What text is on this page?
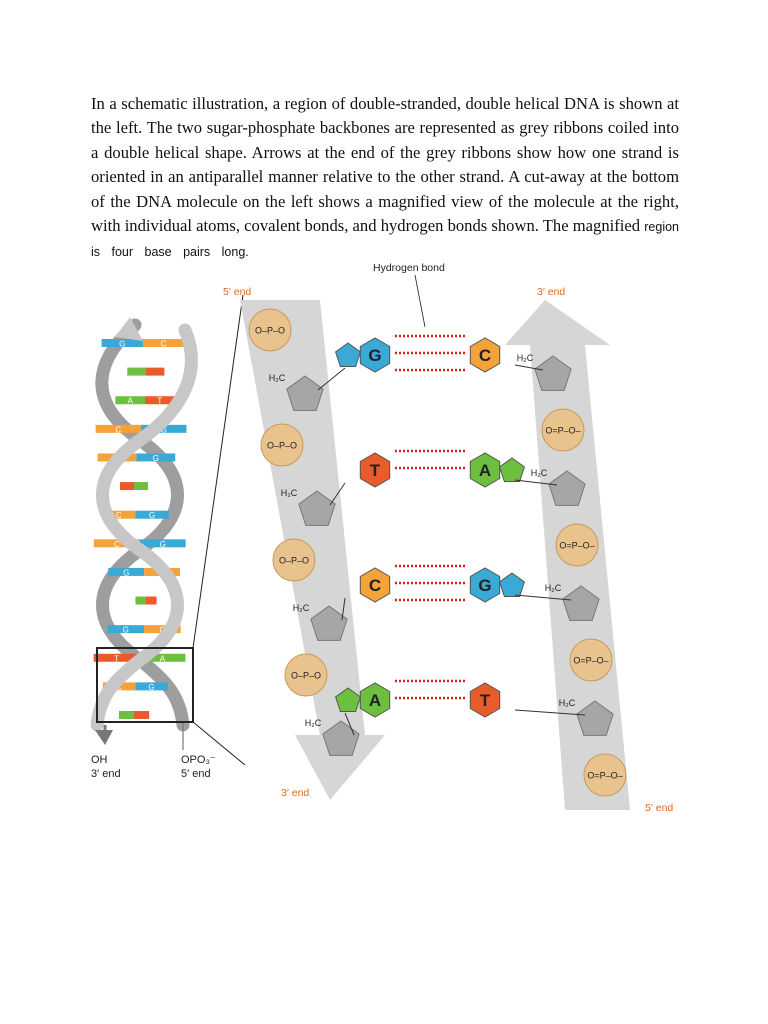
In a schematic illustration, a region of double-stranded, double helical DNA is shown at the left. The two sugar-phosphate backbones are represented as grey ribbons coiled into a double helical shape. Arrows at the end of the grey ribbons show how one strand is oriented in an antiparallel manner relative to the other strand. A cut-away at the bottom of the DNA molecule on the left shows a magnified view of the molecule at the right, with individual atoms, covalent bonds, and hydrogen bonds shown. The magnified region is four base pairs long.

G	C
A	T
C	G
C	G
C	G
C	G
G	C
G	C
T	A
C	G
OH
3′ end
OPO₃⁻
5′ end
5′ end
3′ end
3′ end
5′ end
Hydrogen bond
O–P–O
H₂C
O=P–O–
H₂C
G	C
O–P–O
H₂C
O=P–O–
H₂C
T	A
O–P–O
H₂C
O=P–O–
H₂C
C	G
O–P–O
H₂C
O=P–O–
H₂C
A	T
